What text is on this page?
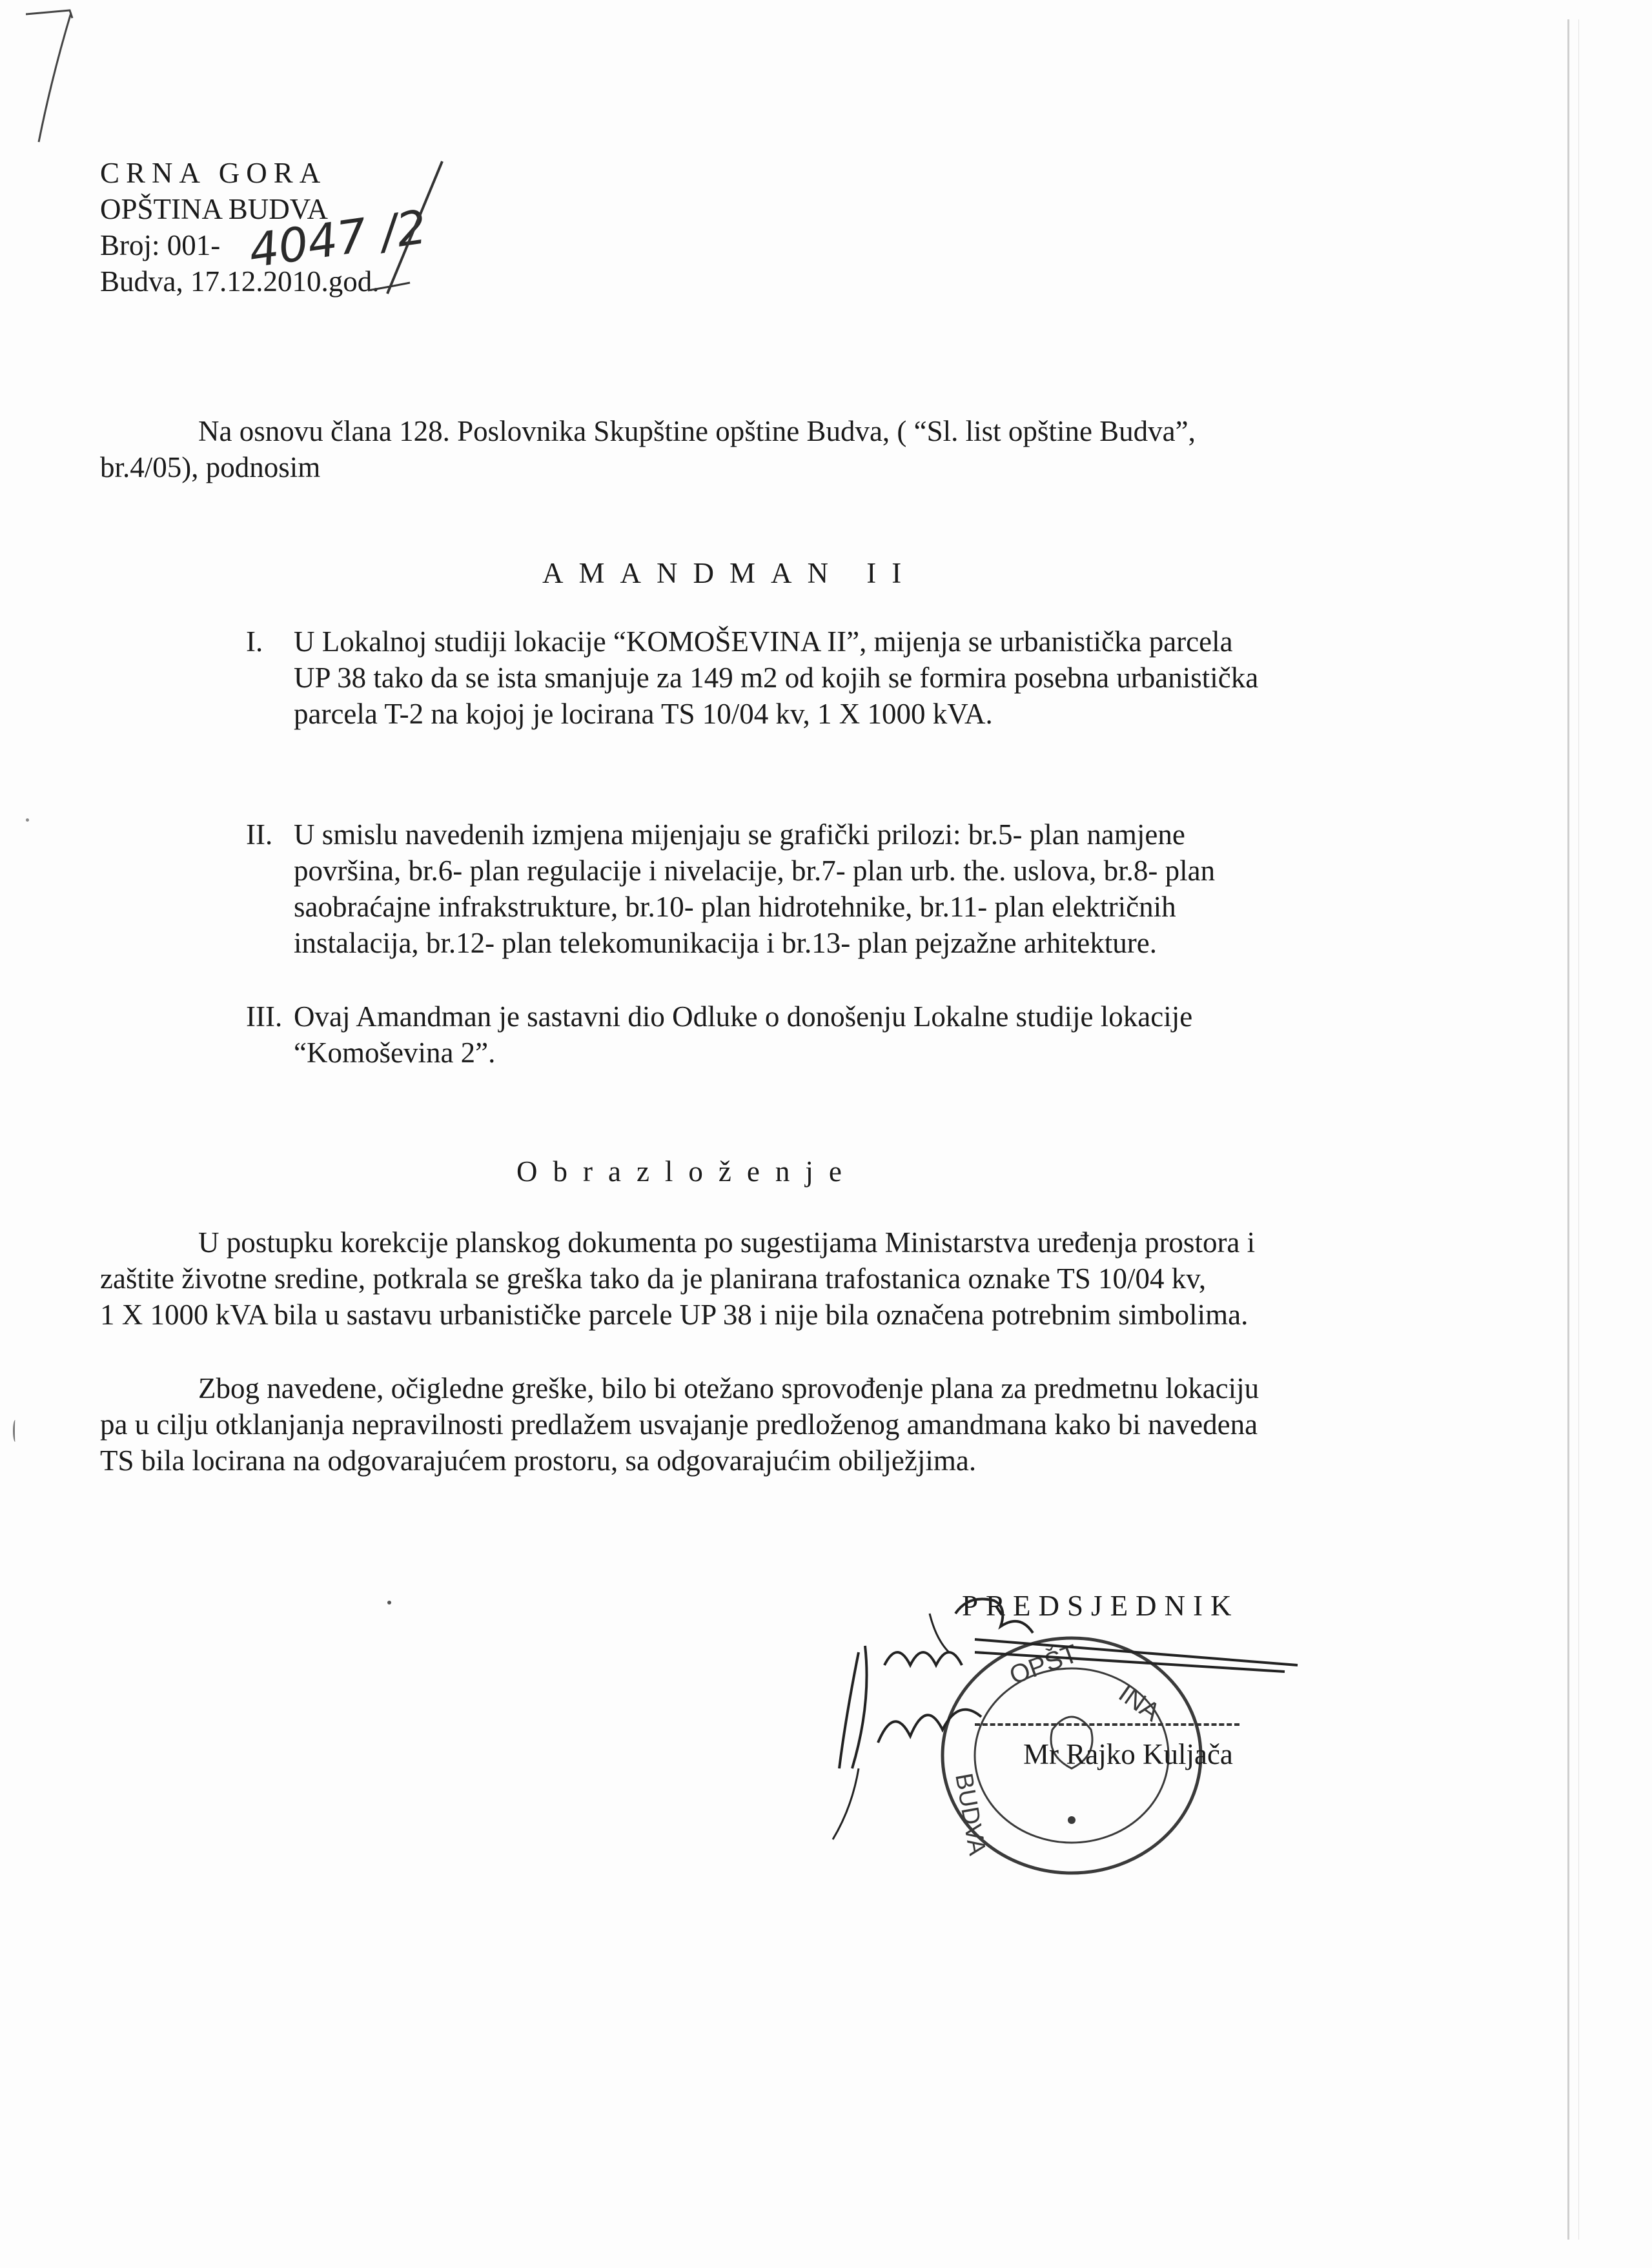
CRNA GORA
OPŠTINA BUDVA
Broj: 001-
Budva, 17.12.2010.god.
4047 /2
Na osnovu člana 128. Poslovnika Skupštine opštine Budva, ( “Sl. list opštine Budva”,
br.4/05), podnosim
AMANDMAN II
I. U Lokalnoj studiji lokacije “KOMOŠEVINA II”, mijenja se urbanistička parcela
UP 38 tako da se ista smanjuje za 149 m2 od kojih se formira posebna urbanistička
parcela T-2 na kojoj je locirana TS 10/04 kv, 1 X 1000 kVA.
II. U smislu navedenih izmjena mijenjaju se grafički prilozi: br.5- plan namjene
površina, br.6- plan regulacije i nivelacije, br.7- plan urb. the. uslova, br.8- plan
saobraćajne infrakstrukture, br.10- plan hidrotehnike, br.11- plan električnih
instalacija, br.12- plan telekomunikacija i br.13- plan pejzažne arhitekture.
III. Ovaj Amandman je sastavni dio Odluke o donošenju Lokalne studije lokacije
“Komoševina 2”.
Obrazloženje
U postupku korekcije planskog dokumenta po sugestijama Ministarstva uređenja prostora i
zaštite životne sredine, potkrala se greška tako da je planirana trafostanica oznake TS 10/04 kv,
1 X 1000 kVA bila u sastavu urbanističke parcele UP 38 i nije bila označena potrebnim simbolima.
Zbog navedene, očigledne greške, bilo bi otežano sprovođenje plana za predmetnu lokaciju
pa u cilju otklanjanja nepravilnosti predlažem usvajanje predloženog amandmana kako bi navedena
TS bila locirana na odgovarajućem prostoru, sa odgovarajućim obilježjima.
PREDSJEDNIK
OPŠT
INA
BUDVA
Mr Rajko Kuljača
